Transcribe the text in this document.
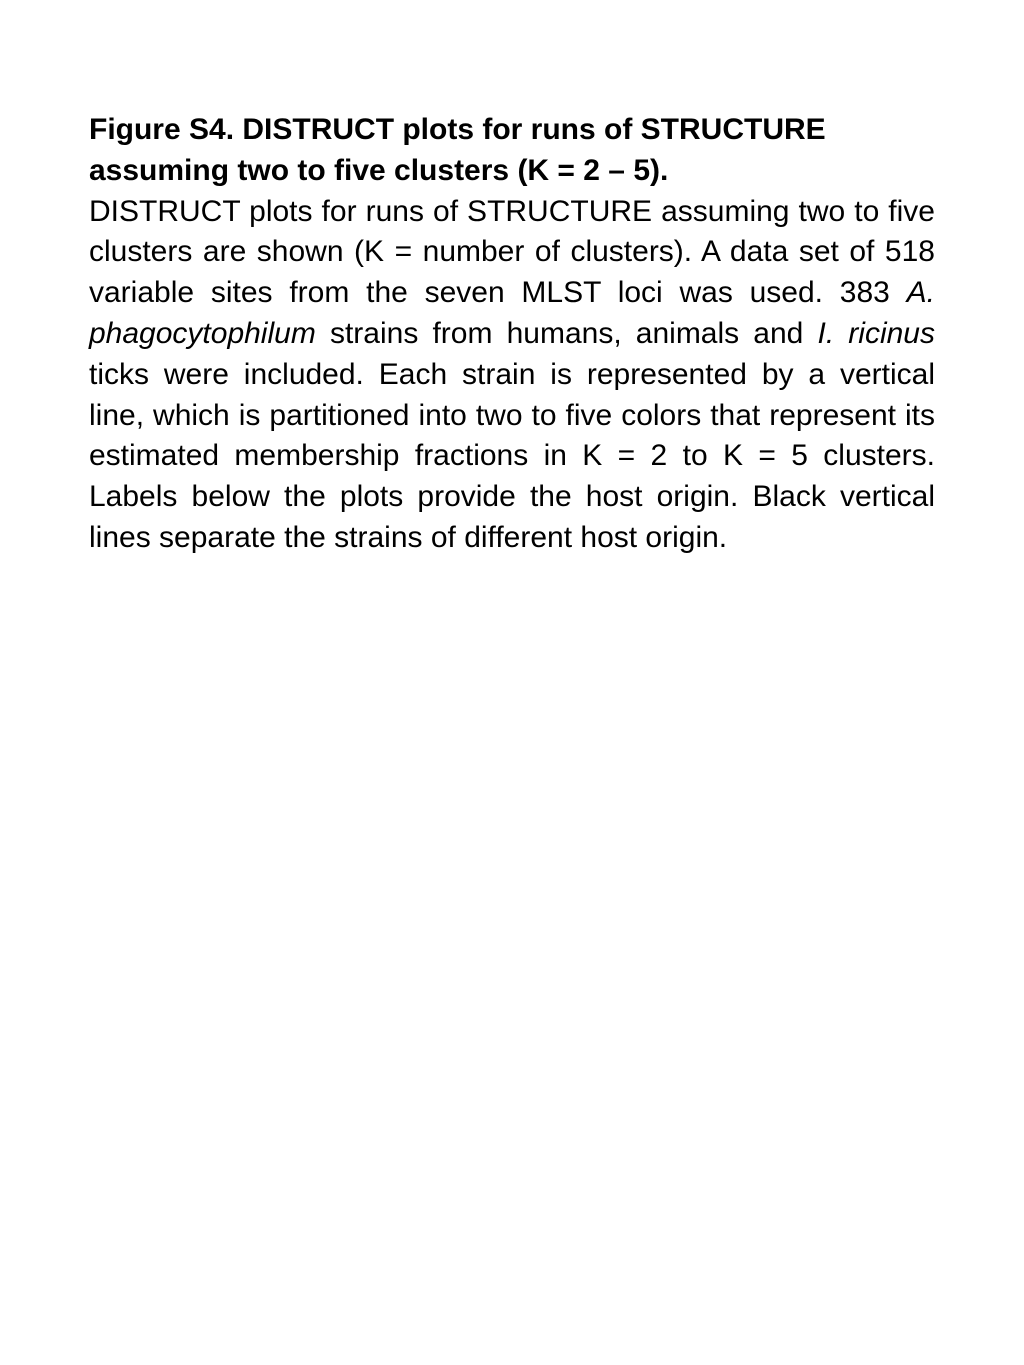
Figure S4. DISTRUCT plots for runs of STRUCTURE assuming two to five clusters (K = 2 – 5).

DISTRUCT plots for runs of STRUCTURE assuming two to five clusters are shown (K = number of clusters). A data set of 518 variable sites from the seven MLST loci was used. 383 A. phagocytophilum strains from humans, animals and I. ricinus ticks were included. Each strain is represented by a vertical line, which is partitioned into two to five colors that represent its estimated membership fractions in K = 2 to K = 5 clusters. Labels below the plots provide the host origin. Black vertical lines separate the strains of different host origin.
